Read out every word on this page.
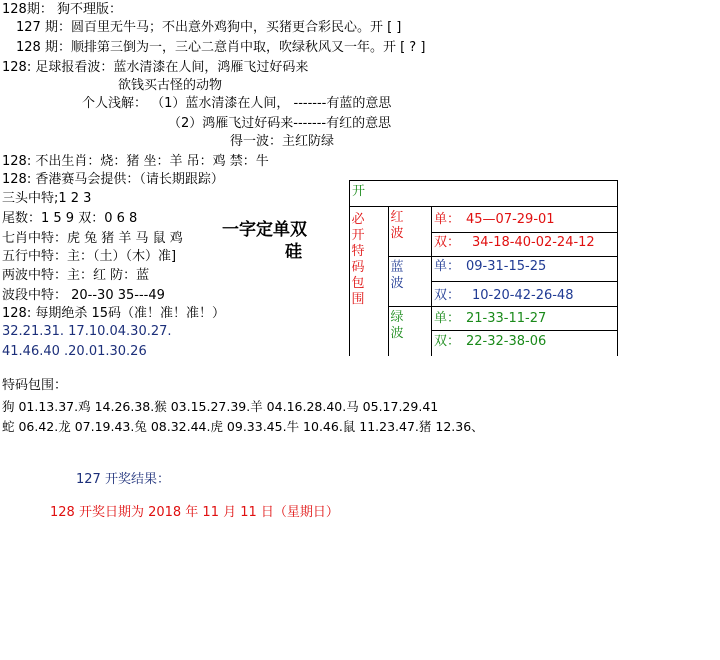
128期： 狗不理版：
127 期：圆百里无牛马；不出意外鸡狗中，买猪更合彩民心。开 [ ]
128 期：顺排第三倒为一，三心二意肖中取，吹绿秋风又一年。开 [ ? ]
128: 足球报看波：蓝水清漆在人间，鸿雁飞过好码来
欲钱买古怪的动物
个人浅解： （1）蓝水清漆在人间， -------有蓝的意思
（2）鸿雁飞过好码来-------有红的意思
得一波：主红防绿
128: 不出生肖：烧：猪 坐：羊 吊：鸡 禁：牛
128: 香港赛马会提供：（请长期跟踪）
三头中特;1 2 3
尾数：1 5 9 双：0 6 8
七肖中特：虎 兔 猪 羊 马 鼠 鸡
五行中特：主：（土）（木）准]
两波中特：主：红 防：蓝
波段中特： 20--30 35---49
128: 每期绝杀 15码（准！准！准！）
32.21.31. 17.10.04.30.27.
41.46.40 .20.01.30.26
一字定单双
硅
开
必开特码包围
红波
蓝波
绿波
单： 45—07-29-01
双： 34-18-40-02-24-12
单： 09-31-15-25
双： 10-20-42-26-48
单： 21-33-11-27
双： 22-32-38-06
特码包围：
狗 01.13.37.鸡 14.26.38.猴 03.15.27.39.羊 04.16.28.40.马 05.17.29.41
蛇 06.42.龙 07.19.43.兔 08.32.44.虎 09.33.45.牛 10.46.鼠 11.23.47.猪 12.36、
127 开奖结果：
128 开奖日期为 2018 年 11 月 11 日（星期日）
